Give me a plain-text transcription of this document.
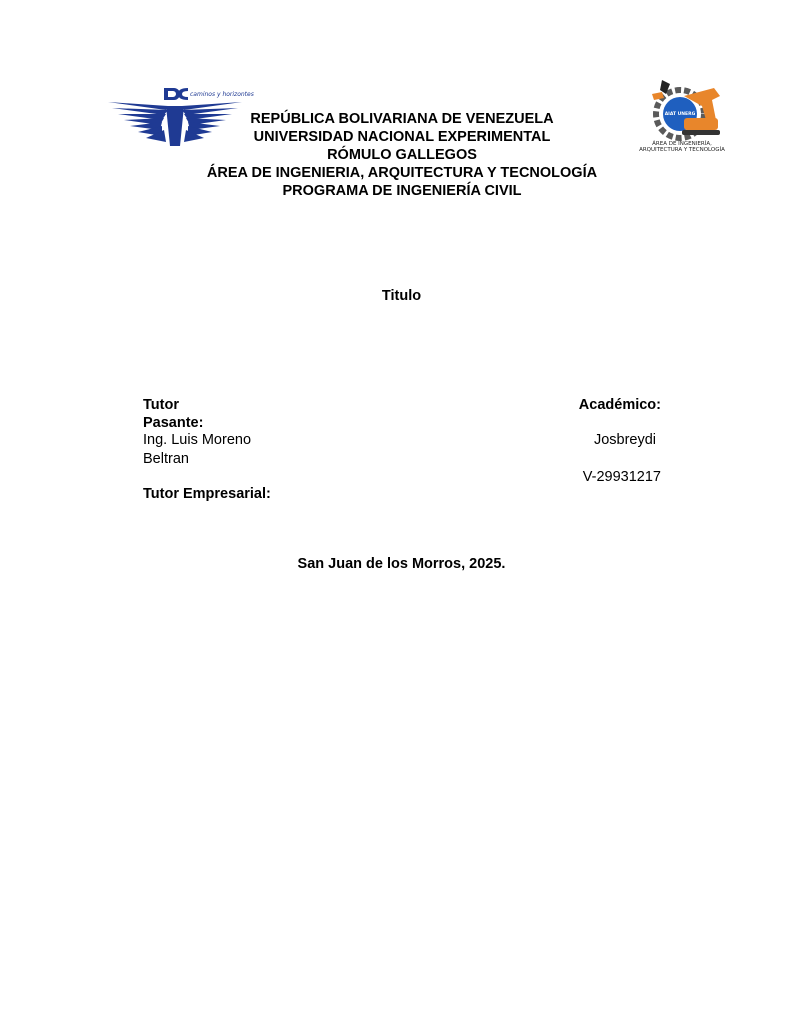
caminos y horizontes
AIAT UNERG
ÁREA DE INGENIERÍA,
ARQUITECTURA Y TECNOLOGÍA
REPÚBLICA BOLIVARIANA DE VENEZUELA
UNIVERSIDAD NACIONAL EXPERIMENTAL
RÓMULO GALLEGOS
ÁREA DE INGENIERIA, ARQUITECTURA Y TECNOLOGÍA
PROGRAMA DE INGENIERÍA CIVIL
Titulo
Tutor
Pasante:
Ing. Luis Moreno
Beltran
Tutor Empresarial:
Académico:
Josbreydi
V-29931217
San Juan de los Morros, 2025.
